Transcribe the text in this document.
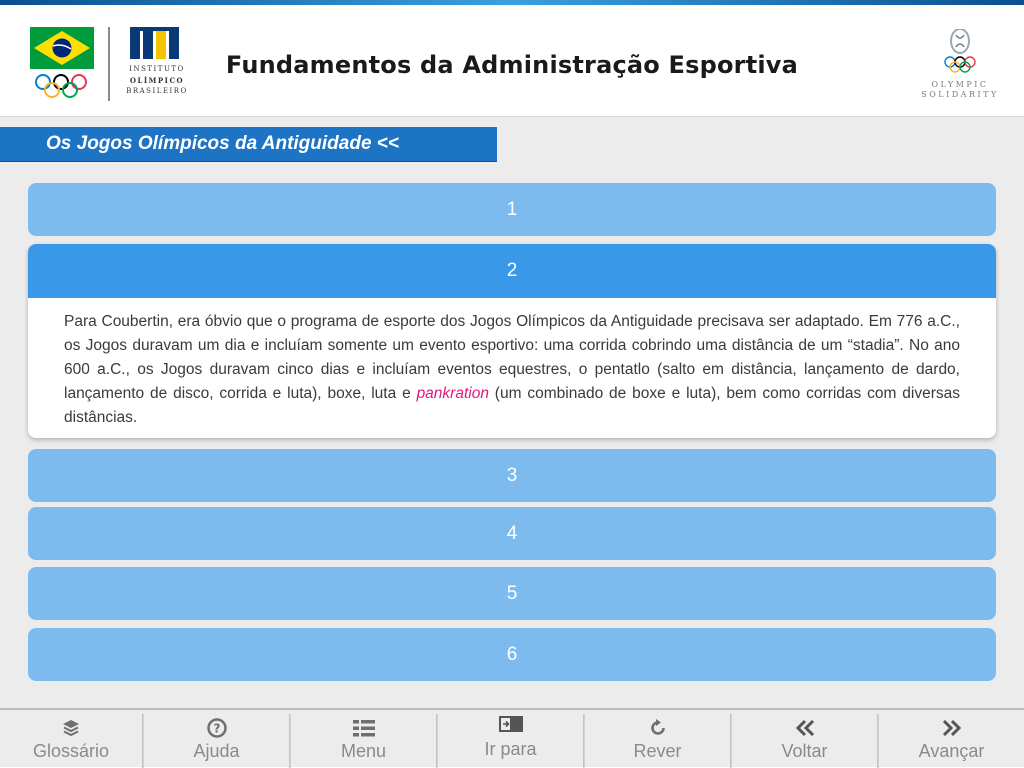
INSTITUTO
OLÍMPICO
BRASILEIRO
Fundamentos da Administração Esportiva
OLYMPIC
SOLIDARITY
Os Jogos Olímpicos da Antiguidade <<
1
2

Para Coubertin, era óbvio que o programa de esporte dos Jogos Olímpicos da Antiguidade precisava ser adaptado. Em 776 a.C., os Jogos duravam um dia e incluíam somente um evento esportivo: uma corrida cobrindo uma distância de um “stadia”. No ano 600 a.C., os Jogos duravam cinco dias e incluíam eventos equestres, o pentatlo (salto em distância, lançamento de dardo, lançamento de disco, corrida e luta), boxe, luta e pankration (um combinado de boxe e luta), bem como corridas com diversas distâncias.

3
4
5
6
Glossário
?
Ajuda	Menu	Ir para	Rever	Voltar	Avançar
